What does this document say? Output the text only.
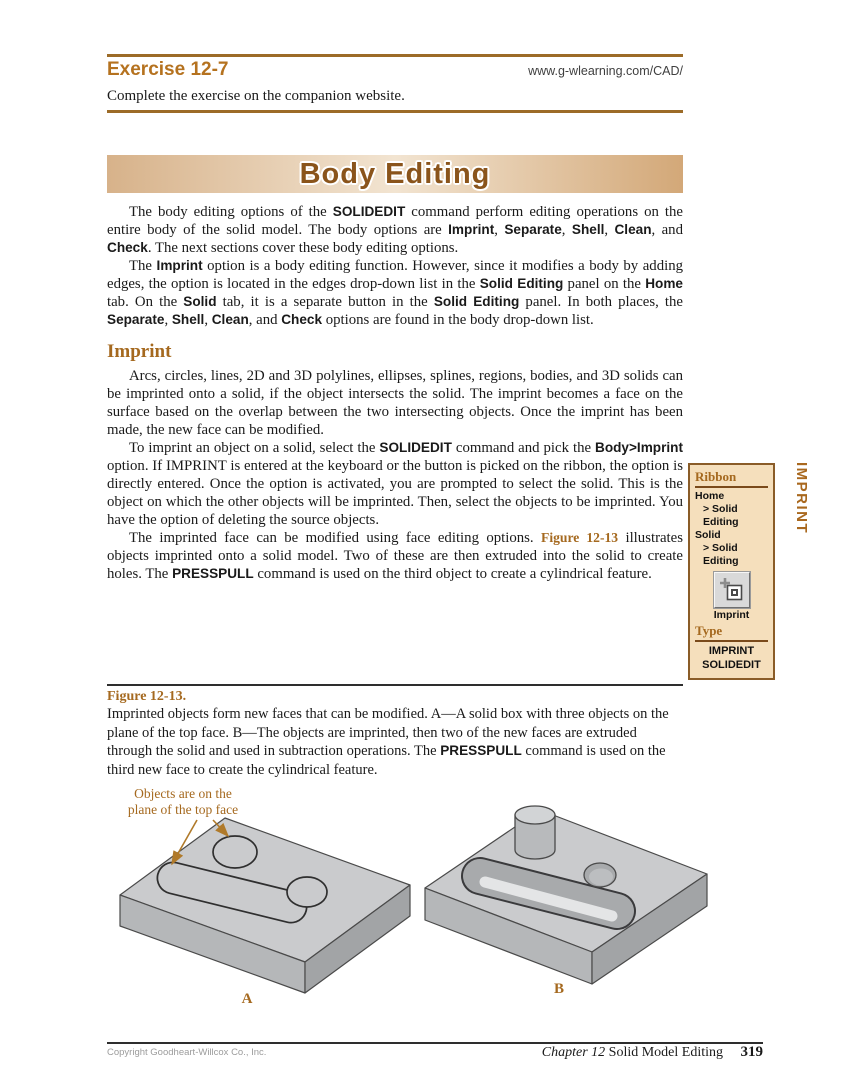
Exercise 12-7	www.g-wlearning.com/CAD/
Complete the exercise on the companion website.
Body Editing

The body editing options of the SOLIDEDIT command perform editing operations on the entire body of the solid model. The body options are Imprint, Separate, Shell, Clean, and Check. The next sections cover these body editing options.

The Imprint option is a body editing function. However, since it modifies a body by adding edges, the option is located in the edges drop-down list in the Solid Editing panel on the Home tab. On the Solid tab, it is a separate button in the Solid Editing panel. In both places, the Separate, Shell, Clean, and Check options are found in the body drop-down list.

Imprint

Arcs, circles, lines, 2D and 3D polylines, ellipses, splines, regions, bodies, and 3D solids can be imprinted onto a solid, if the object intersects the solid. The imprint becomes a face on the surface based on the overlap between the two intersecting objects. Once the imprint has been made, the new face can be modified.

To imprint an object on a solid, select the SOLIDEDIT command and pick the Body>Imprint option. If IMPRINT is entered at the keyboard or the button is picked on the ribbon, the option is directly entered. Once the option is activated, you are prompted to select the solid. This is the object on which the other objects will be imprinted. Then, select the objects to be imprinted. You have the option of deleting the source objects.

The imprinted face can be modified using face editing options. Figure 12-13 illustrates objects imprinted onto a solid model. Two of these are then extruded into the solid to create holes. The PRESSPULL command is used on the third object to create a cylindrical feature.

Ribbon
Home
> Solid Editing
Solid
> Solid Editing
Imprint
Type
IMPRINT
SOLIDEDIT
IMPRINT
Figure 12-13.
Imprinted objects form new faces that can be modified. A—A solid box with three objects on the plane of the top face. B—The objects are imprinted, then two of the new faces are extruded through the solid and used in subtraction operations. The PRESSPULL command is used on the third new face to create the cylindrical feature.
Objects are on the
plane of the top face
A
B
Copyright Goodheart-Willcox Co., Inc.	Chapter 12 Solid Model Editing 319
